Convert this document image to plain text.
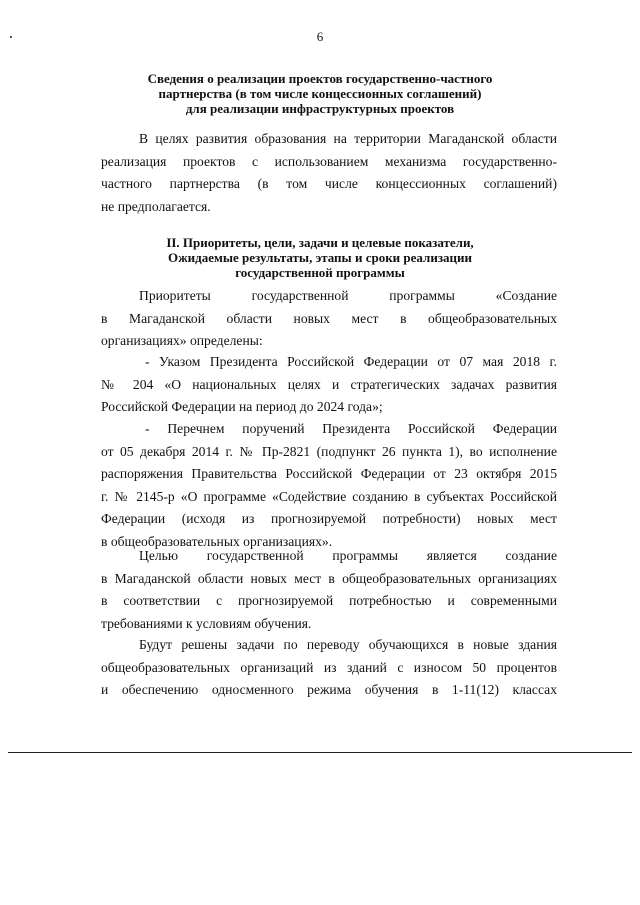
6
Сведения о реализации проектов государственно-частного
партнерства (в том числе концессионных соглашений)
для реализации инфраструктурных проектов
В целях развития образования на территории Магаданской области
реализация проектов с использованием механизма государственно-
частного партнерства (в том числе концессионных соглашений)
не предполагается.
II. Приоритеты, цели, задачи и целевые показатели,
Ожидаемые результаты, этапы и сроки реализации
государственной программы
Приоритеты государственной программы «Создание
в Магаданской области новых мест в общеобразовательных
организациях» определены:
- Указом Президента Российской Федерации от 07 мая 2018 г.
№ 204 «О национальных целях и стратегических задачах развития
Российской Федерации на период до 2024 года»;
- Перечнем поручений Президента Российской Федерации
от 05 декабря 2014 г. № Пр-2821 (подпункт 26 пункта 1), во исполнение
распоряжения Правительства Российской Федерации от 23 октября 2015
г. № 2145-р «О программе «Содействие созданию в субъектах Российской
Федерации (исходя из прогнозируемой потребности) новых мест
в общеобразовательных организациях».
Целью государственной программы является создание
в Магаданской области новых мест в общеобразовательных организациях
в соответствии с прогнозируемой потребностью и современными
требованиями к условиям обучения.
Будут решены задачи по переводу обучающихся в новые здания
общеобразовательных организаций из зданий с износом 50 процентов
и обеспечению односменного режима обучения в 1-11(12) классах
